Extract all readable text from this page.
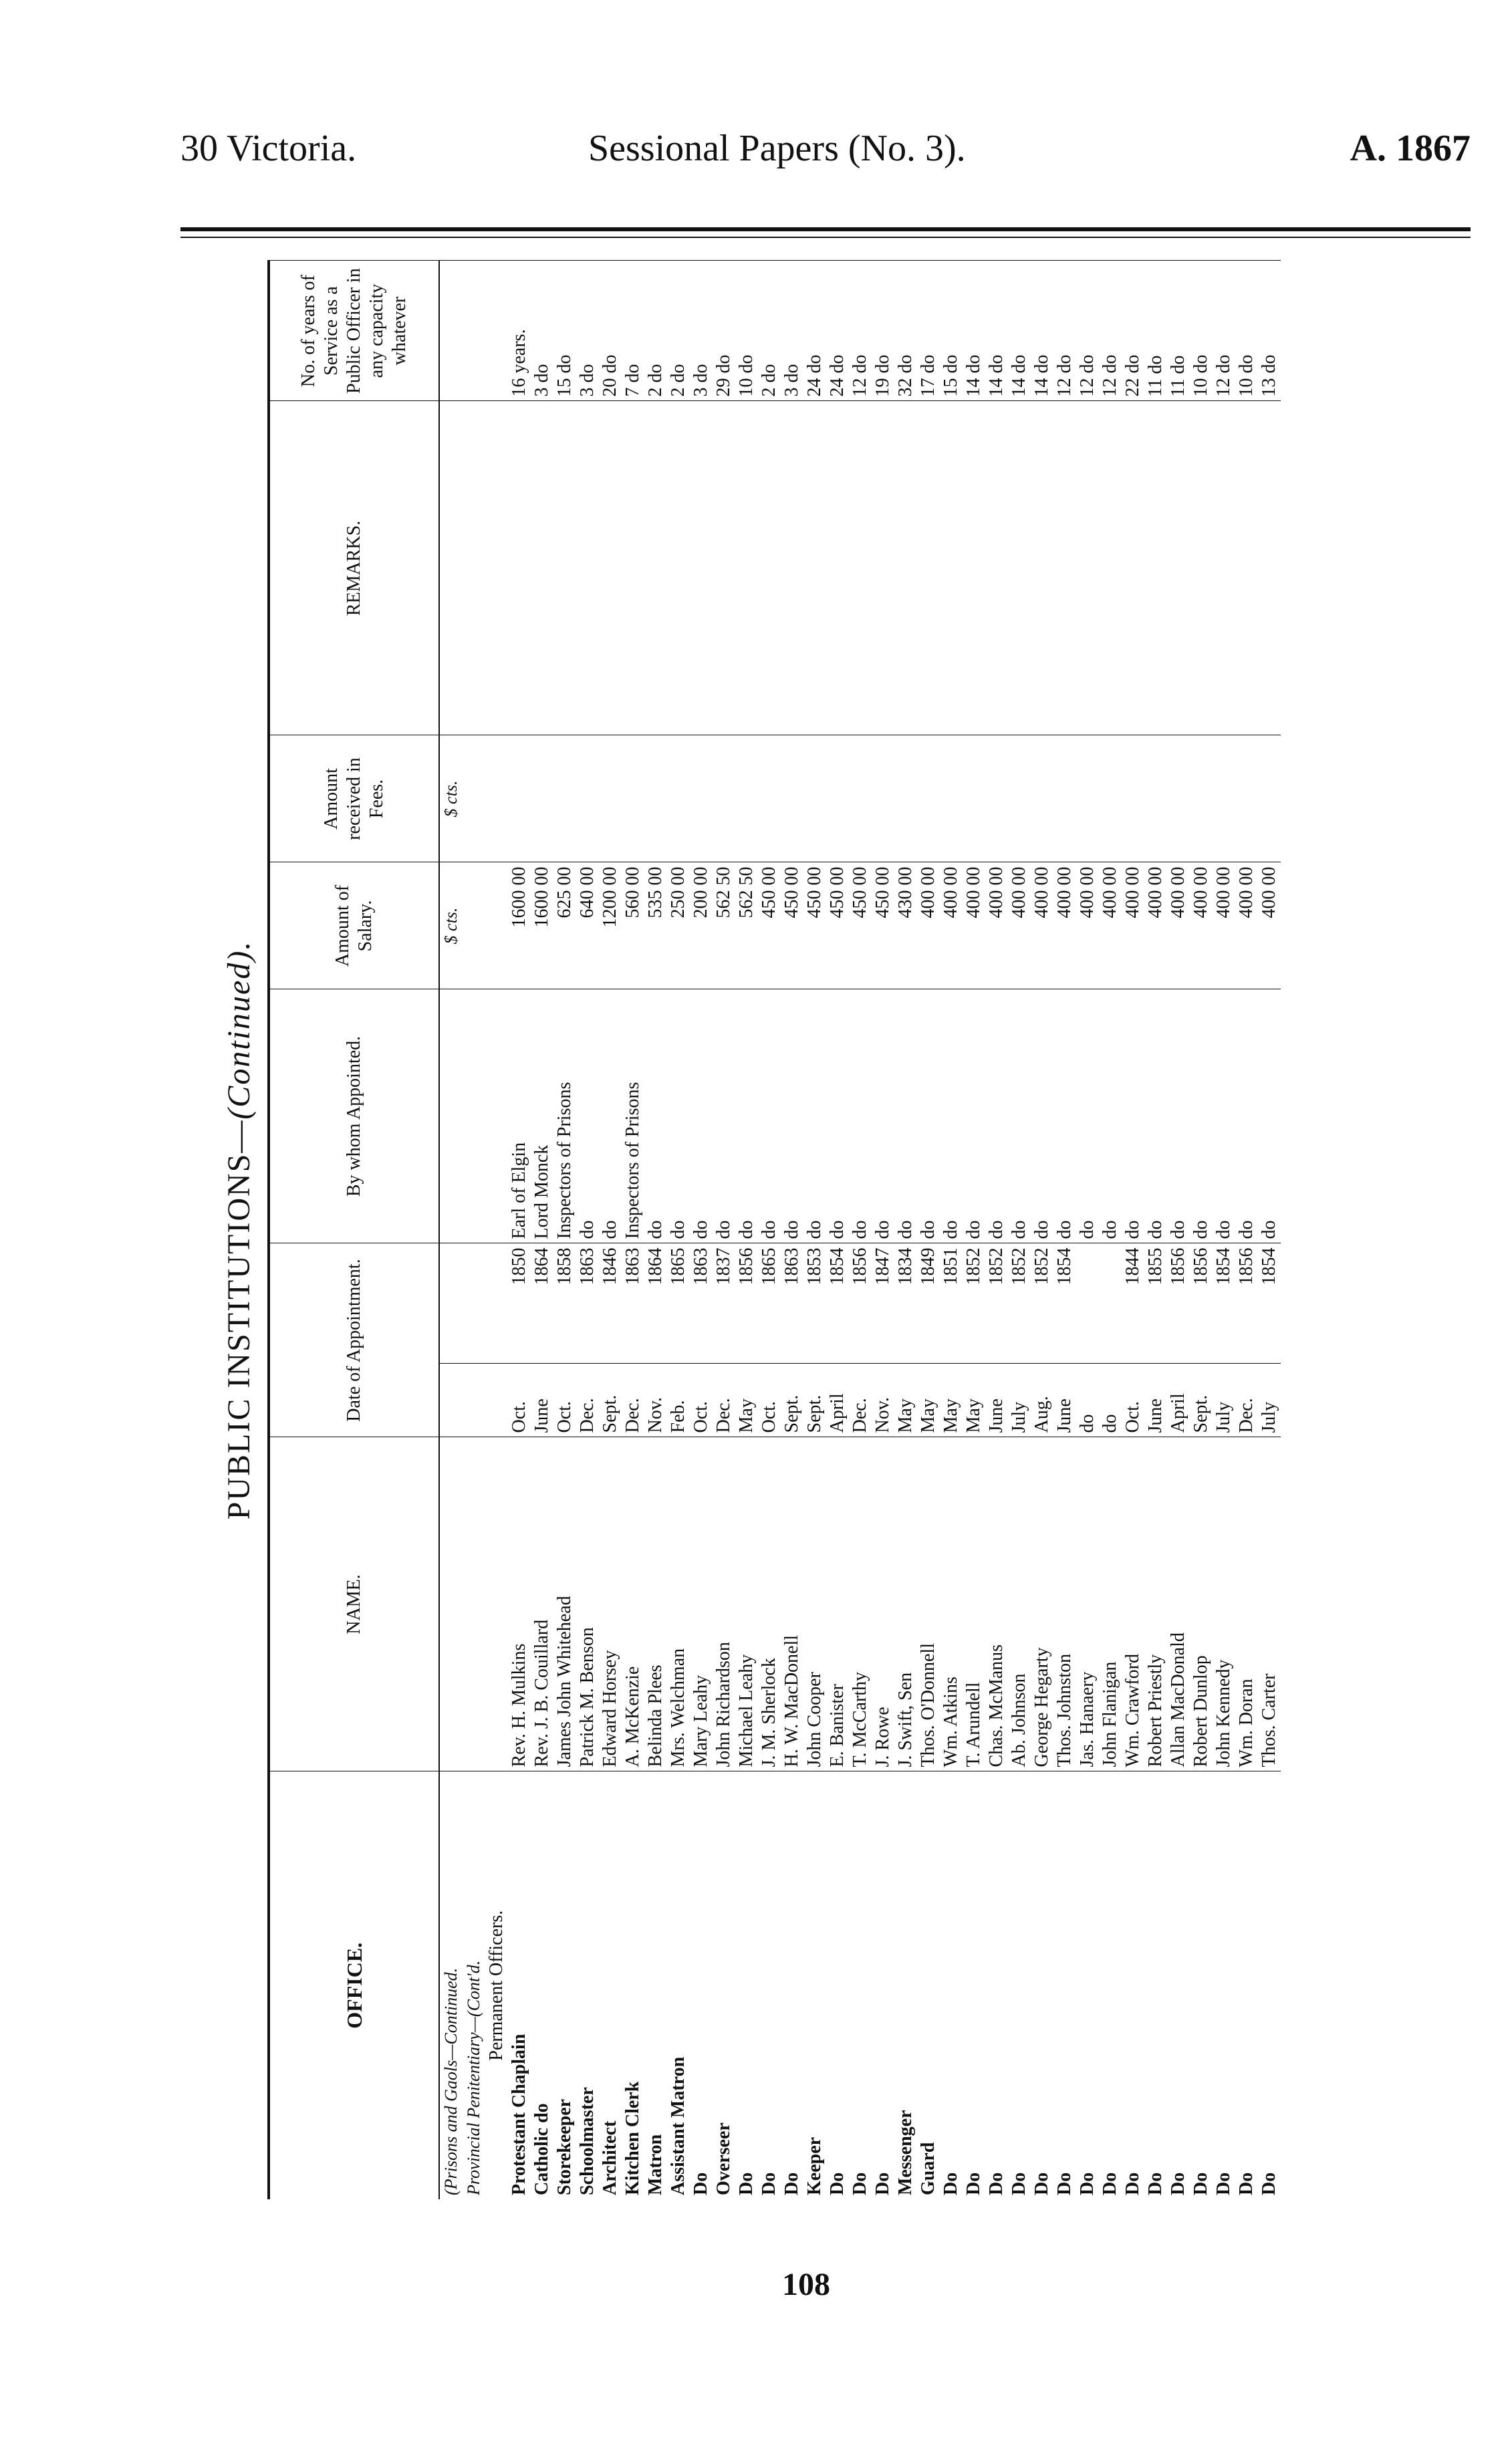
30 Victoria.	Sessional Papers (No. 3).	A. 1867
PUBLIC INSTITUTIONS—(Continued).
OFFICE.	NAME.	Date of Appointment.		By whom Appointed.	Amount of Salary.	Amount received in Fees.	REMARKS.	No. of years of Service as a Public Officer in any capacity whatever
(Prisons and Gaols—Continued.					$ cts.	$ cts.		
Provincial Penitentiary—(Cont'd.								
Permanent Officers.								
Protestant Chaplain	Rev. H. Mulkins	Oct.	1850	Earl of Elgin	1600 00			16 years.
Catholic do	Rev. J. B. Couillard	June	1864	Lord Monck	1600 00			3 do
Storekeeper	James John Whitehead	Oct.	1858	Inspectors of Prisons	625 00			15 do
Schoolmaster	Patrick M. Benson	Dec.	1863	do	640 00			3 do
Architect	Edward Horsey	Sept.	1846	do	1200 00			20 do
Kitchen Clerk	A. McKenzie	Dec.	1863	Inspectors of Prisons	560 00			7 do
Matron	Belinda Plees	Nov.	1864	do	535 00			2 do
Assistant Matron	Mrs. Welchman	Feb.	1865	do	250 00			2 do
Do	Mary Leahy	Oct.	1863	do	200 00			3 do
Overseer	John Richardson	Dec.	1837	do	562 50			29 do
Do	Michael Leahy	May	1856	do	562 50			10 do
Do	J. M. Sherlock	Oct.	1865	do	450 00			2 do
Do	H. W. MacDonell	Sept.	1863	do	450 00			3 do
Keeper	John Cooper	Sept.	1853	do	450 00			24 do
Do	E. Banister	April	1854	do	450 00			24 do
Do	T. McCarthy	Dec.	1856	do	450 00			12 do
Do	J. Rowe	Nov.	1847	do	450 00			19 do
Messenger	J. Swift, Sen	May	1834	do	430 00			32 do
Guard	Thos. O'Donnell	May	1849	do	400 00			17 do
Do	Wm. Atkins	May	1851	do	400 00			15 do
Do	T. Arundell	May	1852	do	400 00			14 do
Do	Chas. McManus	June	1852	do	400 00			14 do
Do	Ab. Johnson	July	1852	do	400 00			14 do
Do	George Hegarty	Aug.	1852	do	400 00			14 do
Do	Thos. Johnston	June	1854	do	400 00			12 do
Do	Jas. Hanaery	do		do	400 00			12 do
Do	John Flanigan	do		do	400 00			12 do
Do	Wm. Crawford	Oct.	1844	do	400 00			22 do
Do	Robert Priestly	June	1855	do	400 00			11 do
Do	Allan MacDonald	April	1856	do	400 00			11 do
Do	Robert Dunlop	Sept.	1856	do	400 00			10 do
Do	John Kennedy	July	1854	do	400 00			12 do
Do	Wm. Doran	Dec.	1856	do	400 00			10 do
Do	Thos. Carter	July	1854	do	400 00			13 do
108
